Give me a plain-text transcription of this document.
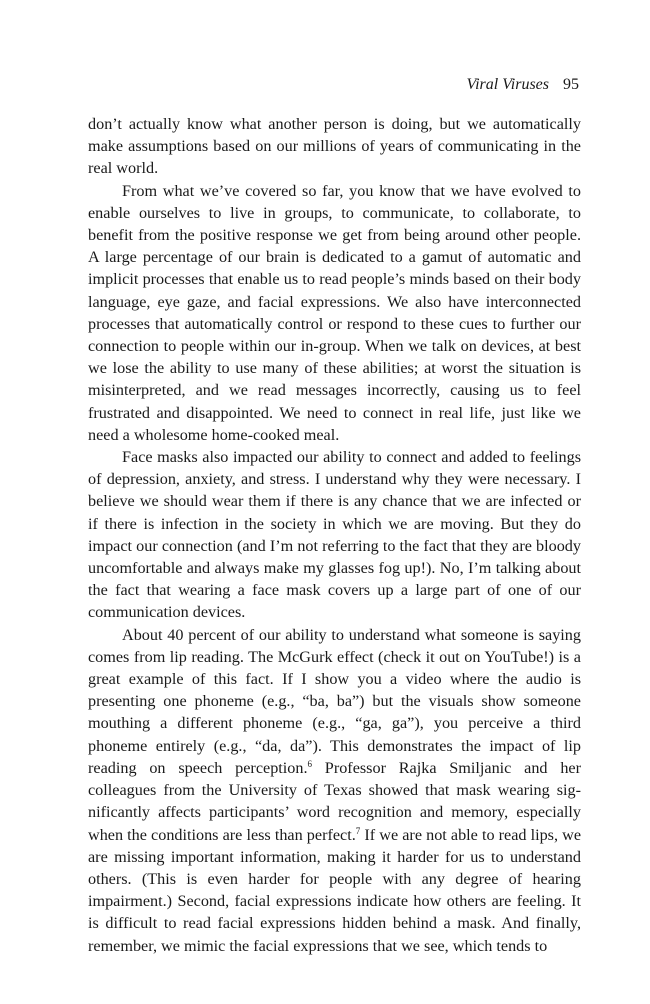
Viral Viruses 95

don’t actually know what another person is doing, but we automatically make assumptions based on our millions of years of communicating in the real world.

From what we’ve covered so far, you know that we have evolved to enable ourselves to live in groups, to communicate, to collaborate, to benefit from the positive response we get from being around other people. A large percentage of our brain is dedicated to a gamut of automatic and implicit processes that enable us to read people’s minds based on their body language, eye gaze, and facial expressions. We also have interconnected processes that automatically control or respond to these cues to further our connection to people within our in-group. When we talk on devices, at best we lose the ability to use many of these abilities; at worst the situation is misinterpreted, and we read messages incorrectly, causing us to feel frustrated and disappointed. We need to connect in real life, just like we need a wholesome home-cooked meal.

Face masks also impacted our ability to connect and added to feelings of depression, anxiety, and stress. I understand why they were necessary. I believe we should wear them if there is any chance that we are infected or if there is infection in the society in which we are moving. But they do impact our connection (and I’m not referring to the fact that they are bloody uncomfortable and always make my glasses fog up!). No, I’m talking about the fact that wearing a face mask covers up a large part of one of our communication devices.

About 40 percent of our ability to understand what someone is saying comes from lip reading. The McGurk effect (check it out on YouTube!) is a great example of this fact. If I show you a video where the audio is presenting one phoneme (e.g., “ba, ba”) but the visuals show someone mouthing a different phoneme (e.g., “ga, ga”), you perceive a third phoneme entirely (e.g., “da, da”). This demonstrates the impact of lip reading on speech perception.$^6$ Professor Rajka Smiljanic and her colleagues from the University of Texas showed that mask wearing significantly affects participants’ word recognition and memory, especially when the conditions are less than perfect.$^7$ If we are not able to read lips, we are missing important information, making it harder for us to understand others. (This is even harder for people with any degree of hearing impairment.) Second, facial expressions indicate how others are feeling. It is difficult to read facial expressions hidden behind a mask. And finally, remember, we mimic the facial expressions that we see, which tends to
